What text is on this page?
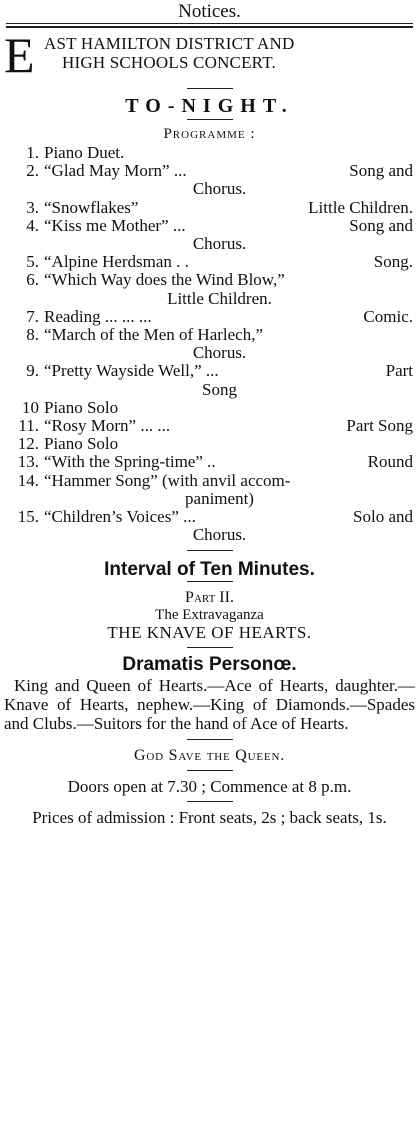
Notices.
E AST HAMILTON DISTRICT AND
HIGH SCHOOLS CONCERT.
TO-NIGHT.
Programme :
1. Piano Duet.
2. “Glad May Morn” ...	Song and
Chorus.
3. “Snowflakes”	Little Children.
4. “Kiss me Mother” ...	Song and
Chorus.
5. “Alpine Herdsman . .	Song.
6. “Which Way does the Wind Blow,”
Little Children.
7. Reading ... ... ...	Comic.
8. “March of the Men of Harlech,”
Chorus.
9. “Pretty Wayside Well,” ...	Part
Song
10 Piano Solo
11. “Rosy Morn” ... ...	Part Song
12. Piano Solo
13. “With the Spring-time” ..	Round
14. “Hammer Song” (with anvil accom-
paniment)
15. “Children’s Voices” ...	Solo and
Chorus.
Interval of Ten Minutes.
Part II.
The Extravaganza
THE KNAVE OF HEARTS.
Dramatis Personœ.
King and Queen of Hearts.—Ace of Hearts, daughter.—Knave of Hearts, nephew.—King of Diamonds.—Spades and Clubs.—Suitors for the hand of Ace of Hearts.
God Save the Queen.
Doors open at 7.30 ; Commence at 8 p.m.
Prices of admission : Front seats, 2s ; back seats, 1s.
